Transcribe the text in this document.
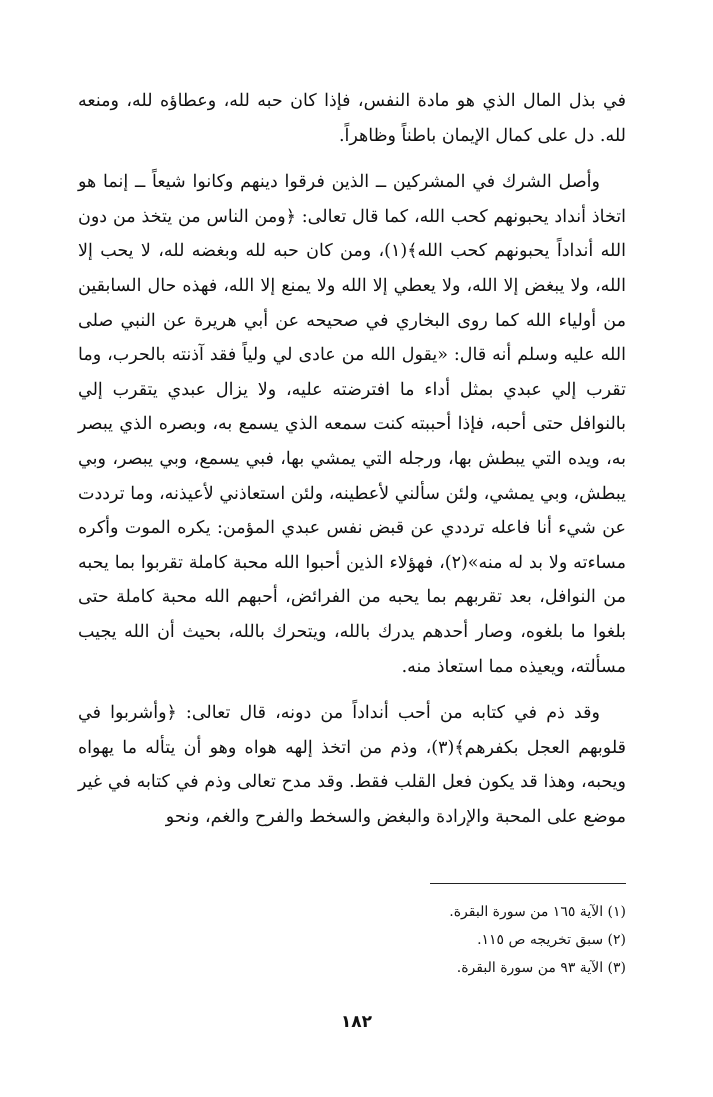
في بذل المال الذي هو مادة النفس، فإذا كان حبه لله، وعطاؤه لله، ومنعه لله. دل على كمال الإيمان باطناً وظاهراً.

وأصل الشرك في المشركين ــ الذين فرقوا دينهم وكانوا شيعاً ــ إنما هو اتخاذ أنداد يحبونهم كحب الله، كما قال تعالى: ﴿ومن الناس من يتخذ من دون الله أنداداً يحبونهم كحب الله﴾(١)، ومن كان حبه لله وبغضه لله، لا يحب إلا الله، ولا يبغض إلا الله، ولا يعطي إلا الله ولا يمنع إلا الله، فهذه حال السابقين من أولياء الله كما روى البخاري في صحيحه عن أبي هريرة عن النبي صلى الله عليه وسلم أنه قال: «يقول الله من عادى لي ولياً فقد آذنته بالحرب، وما تقرب إلي عبدي بمثل أداء ما افترضته عليه، ولا يزال عبدي يتقرب إلي بالنوافل حتى أحبه، فإذا أحببته كنت سمعه الذي يسمع به، وبصره الذي يبصر به، ويده التي يبطش بها، ورجله التي يمشي بها، فبي يسمع، وبي يبصر، وبي يبطش، وبي يمشي، ولئن سألني لأعطينه، ولئن استعاذني لأعيذنه، وما ترددت عن شيء أنا فاعله ترددي عن قبض نفس عبدي المؤمن: يكره الموت وأكره مساءته ولا بد له منه»(٢)، فهؤلاء الذين أحبوا الله محبة كاملة تقربوا بما يحبه من النوافل، بعد تقربهم بما يحبه من الفرائض، أحبهم الله محبة كاملة حتى بلغوا ما بلغوه، وصار أحدهم يدرك بالله، ويتحرك بالله، بحيث أن الله يجيب مسألته، ويعيذه مما استعاذ منه.

وقد ذم في كتابه من أحب أنداداً من دونه، قال تعالى: ﴿وأشربوا في قلوبهم العجل بكفرهم﴾(٣)، وذم من اتخذ إلهه هواه وهو أن يتأله ما يهواه ويحبه، وهذا قد يكون فعل القلب فقط. وقد مدح تعالى وذم في كتابه في غير موضع على المحبة والإرادة والبغض والسخط والفرح والغم، ونحو

(١) الآية ١٦٥ من سورة البقرة.
(٢) سبق تخريجه ص ١١٥.
(٣) الآية ٩٣ من سورة البقرة.
١٨٢
